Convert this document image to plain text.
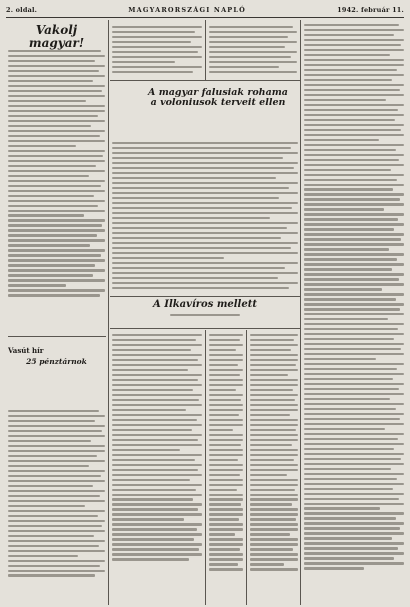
2. oldal.	MAGYARORSZÁGI NAPLÓ	1942. február 11.
Vakolj magyar!
Vasút hír
25 pénztárnok
A magyar falusiak rohama
a voloniusok terveit ellen
A Ilkavíros mellett
